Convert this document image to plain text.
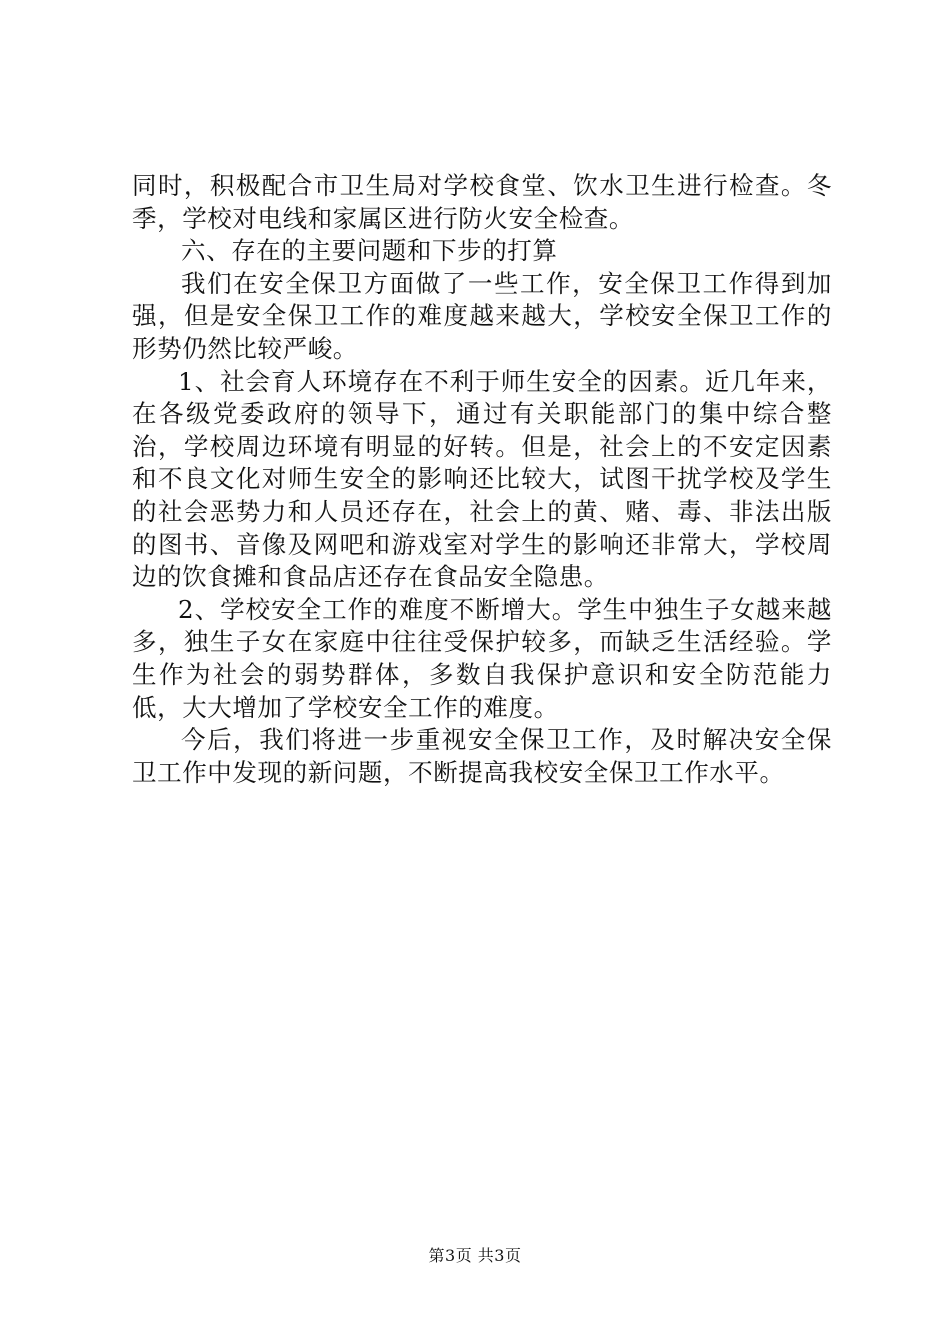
同时，积极配合市卫生局对学校食堂、饮水卫生进行检查。冬季，学校对电线和家属区进行防火安全检查。

六、存在的主要问题和下步的打算

我们在安全保卫方面做了一些工作，安全保卫工作得到加强，但是安全保卫工作的难度越来越大，学校安全保卫工作的形势仍然比较严峻。

1、社会育人环境存在不利于师生安全的因素。近几年来，在各级党委政府的领导下，通过有关职能部门的集中综合整治，学校周边环境有明显的好转。但是，社会上的不安定因素和不良文化对师生安全的影响还比较大，试图干扰学校及学生的社会恶势力和人员还存在，社会上的黄、赌、毒、非法出版的图书、音像及网吧和游戏室对学生的影响还非常大，学校周边的饮食摊和食品店还存在食品安全隐患。

2、学校安全工作的难度不断增大。学生中独生子女越来越多，独生子女在家庭中往往受保护较多，而缺乏生活经验。学生作为社会的弱势群体，多数自我保护意识和安全防范能力低，大大增加了学校安全工作的难度。

今后，我们将进一步重视安全保卫工作，及时解决安全保卫工作中发现的新问题，不断提高我校安全保卫工作水平。

第3页 共3页
